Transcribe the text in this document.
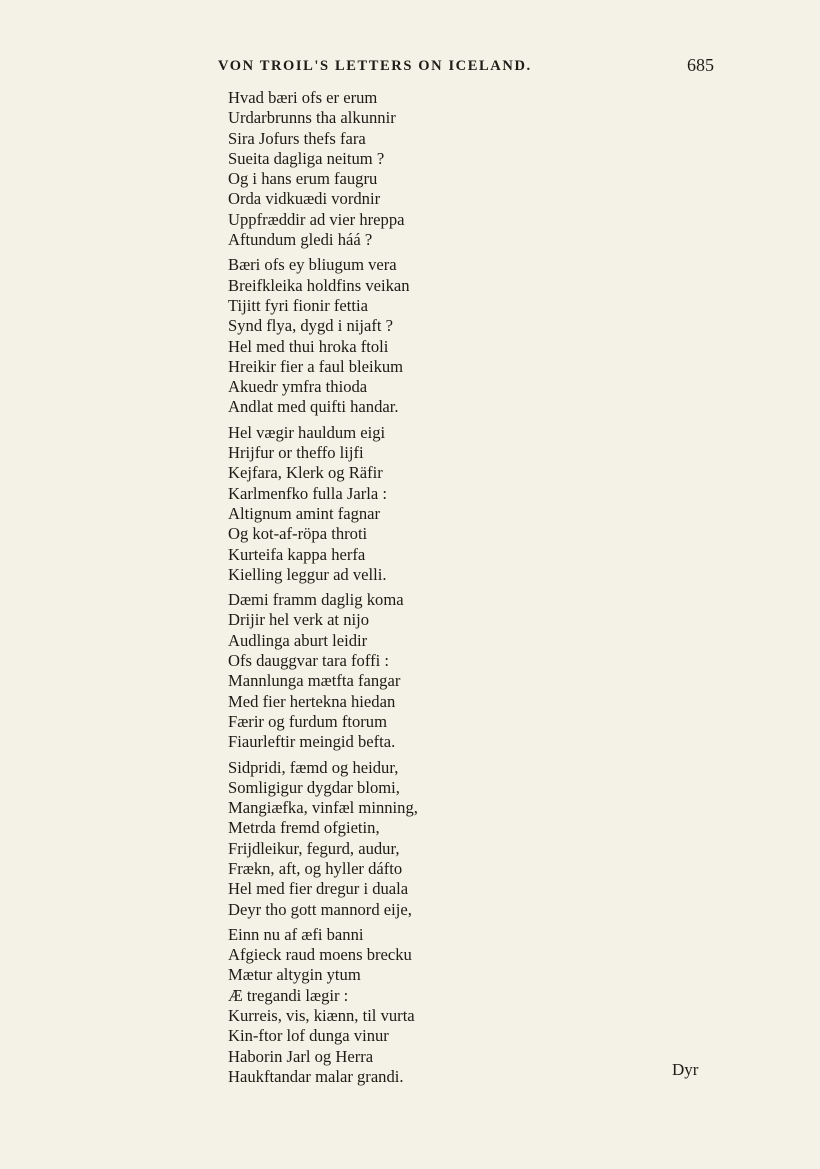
VON TROIL'S LETTERS ON ICELAND.	685
Hvad bæri ofs er erum
Urdarbrunns tha alkunnir
Sira Jofurs thefs fara
Sueita dagliga neitum ?
Og i hans erum faugru
Orda vidkuædi vordnir
Uppfræddir ad vier hreppa
Aftundum gledi háá ?
Bæri ofs ey bliugum vera
Breifkleika holdfins veikan
Tijitt fyri fionir fettia
Synd flya, dygd i nijaft ?
Hel med thui hroka ftoli
Hreikir fier a faul bleikum
Akuedr ymfra thioda
Andlat med quifti handar.
Hel vægir hauldum eigi
Hrijfur or theffo lijfi
Kejfara, Klerk og Räfir
Karlmenfko fulla Jarla :
Altignum amint fagnar
Og kot-af-röpa throti
Kurteifa kappa herfa
Kielling leggur ad velli.
Dæmi framm daglig koma
Drijir hel verk at nijo
Audlinga aburt leidir
Ofs dauggvar tara foffi :
Mannlunga mætfta fangar
Med fier hertekna hiedan
Færir og furdum ftorum
Fiaurleftir meingid befta.
Sidpridi, fæmd og heidur,
Somligigur dygdar blomi,
Mangiæfka, vinfæl minning,
Metrda fremd ofgietin,
Frijdleikur, fegurd, audur,
Frækn, aft, og hyller dáfto
Hel med fier dregur i duala
Deyr tho gott mannord eije,
Einn nu af æfi banni
Afgieck raud moens brecku
Mætur altygin ytum
Æ tregandi lægir :
Kurreis, vis, kiænn, til vurta
Kin-ftor lof dunga vinur
Haborin Jarl og Herra
Haukftandar malar grandi.	Dyr
